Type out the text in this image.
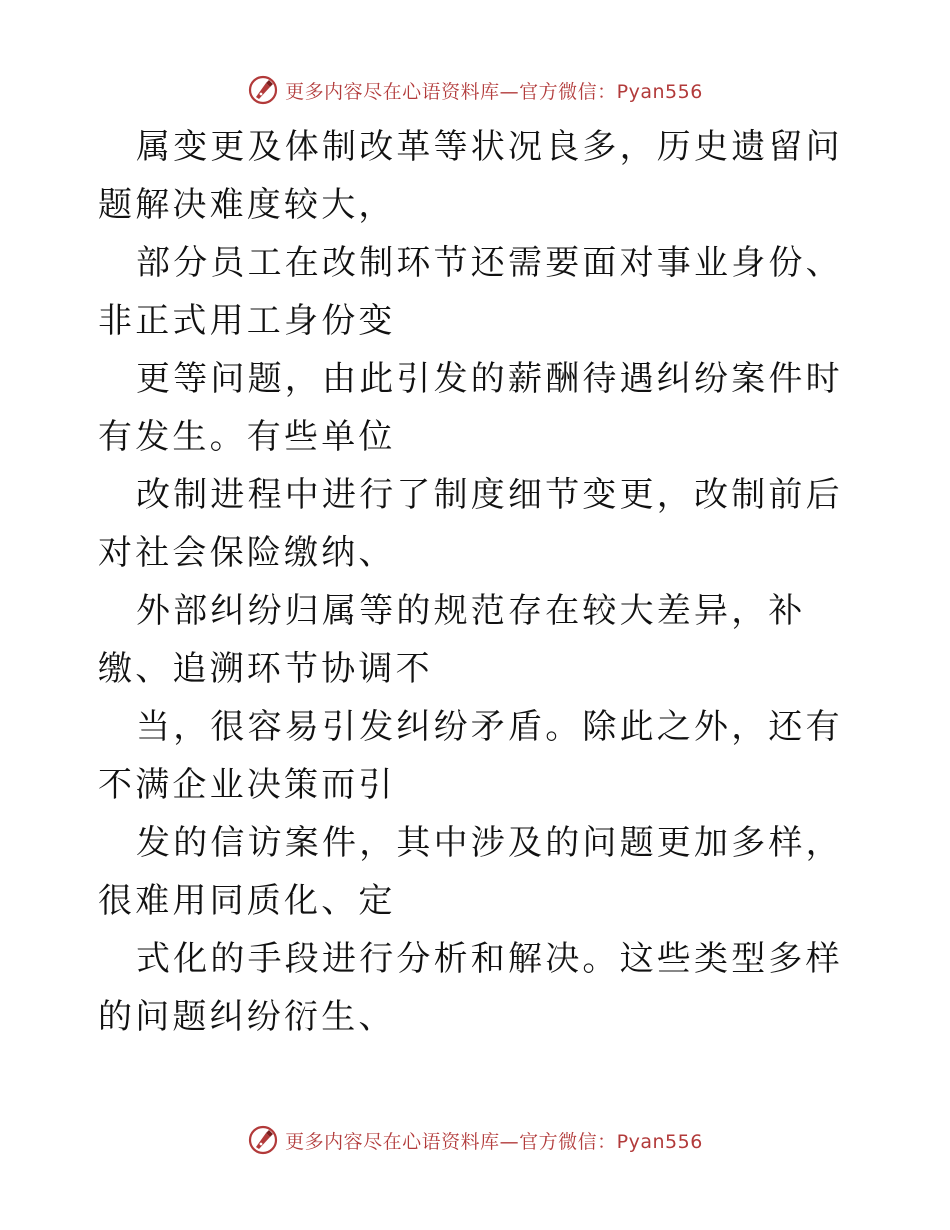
更多内容尽在心语资料库—官方微信：Pyan556

属变更及体制改革等状况良多，历史遗留问题解决难度较大，

部分员工在改制环节还需要面对事业身份、非正式用工身份变

更等问题，由此引发的薪酬待遇纠纷案件时有发生。有些单位

改制进程中进行了制度细节变更，改制前后对社会保险缴纳、

外部纠纷归属等的规范存在较大差异，补缴、追溯环节协调不

当，很容易引发纠纷矛盾。除此之外，还有不满企业决策而引

发的信访案件，其中涉及的问题更加多样，很难用同质化、定

式化的手段进行分析和解决。这些类型多样的问题纠纷衍生、

更多内容尽在心语资料库—官方微信：Pyan556
